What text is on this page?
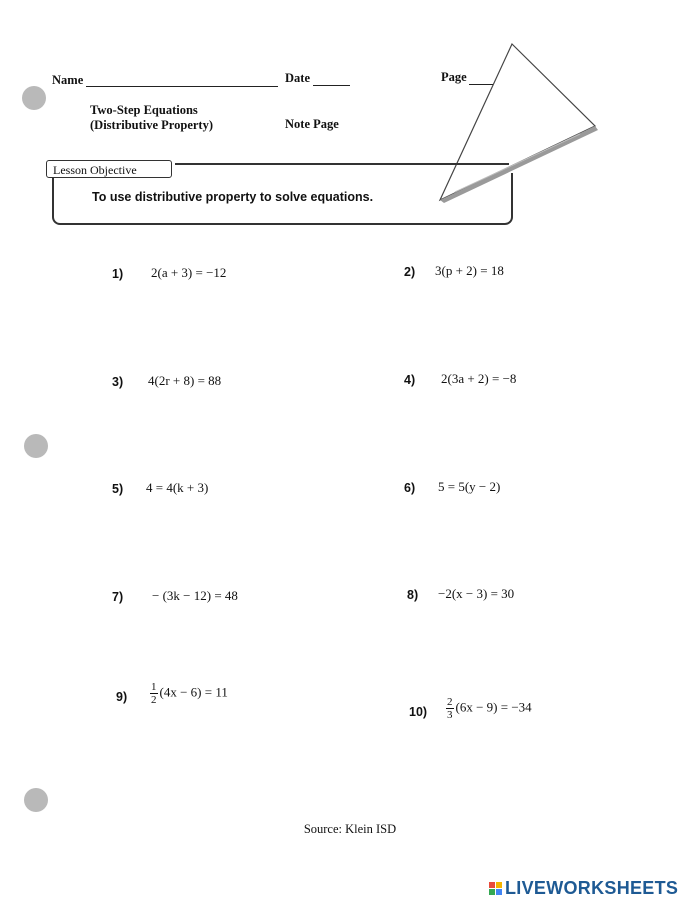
Name	Date	Page
Two-Step Equations
(Distributive Property)	Note Page
Lesson Objective
To use distributive property to solve equations.
1) 2(a + 3) = −12	2) 3(p + 2) = 18
3) 4(2r + 8) = 88	4) 2(3a + 2) = −8
5) 4 = 4(k + 3)	6) 5 = 5(y − 2)
7) − (3k − 12) = 48	8) −2(x − 3) = 30
$9) \frac{1}{2} (4x - 6) = 11$
$10) \frac{2}{3} (6x - 9) = -34$
Source: Klein ISD
LIVEWORKSHEETS
